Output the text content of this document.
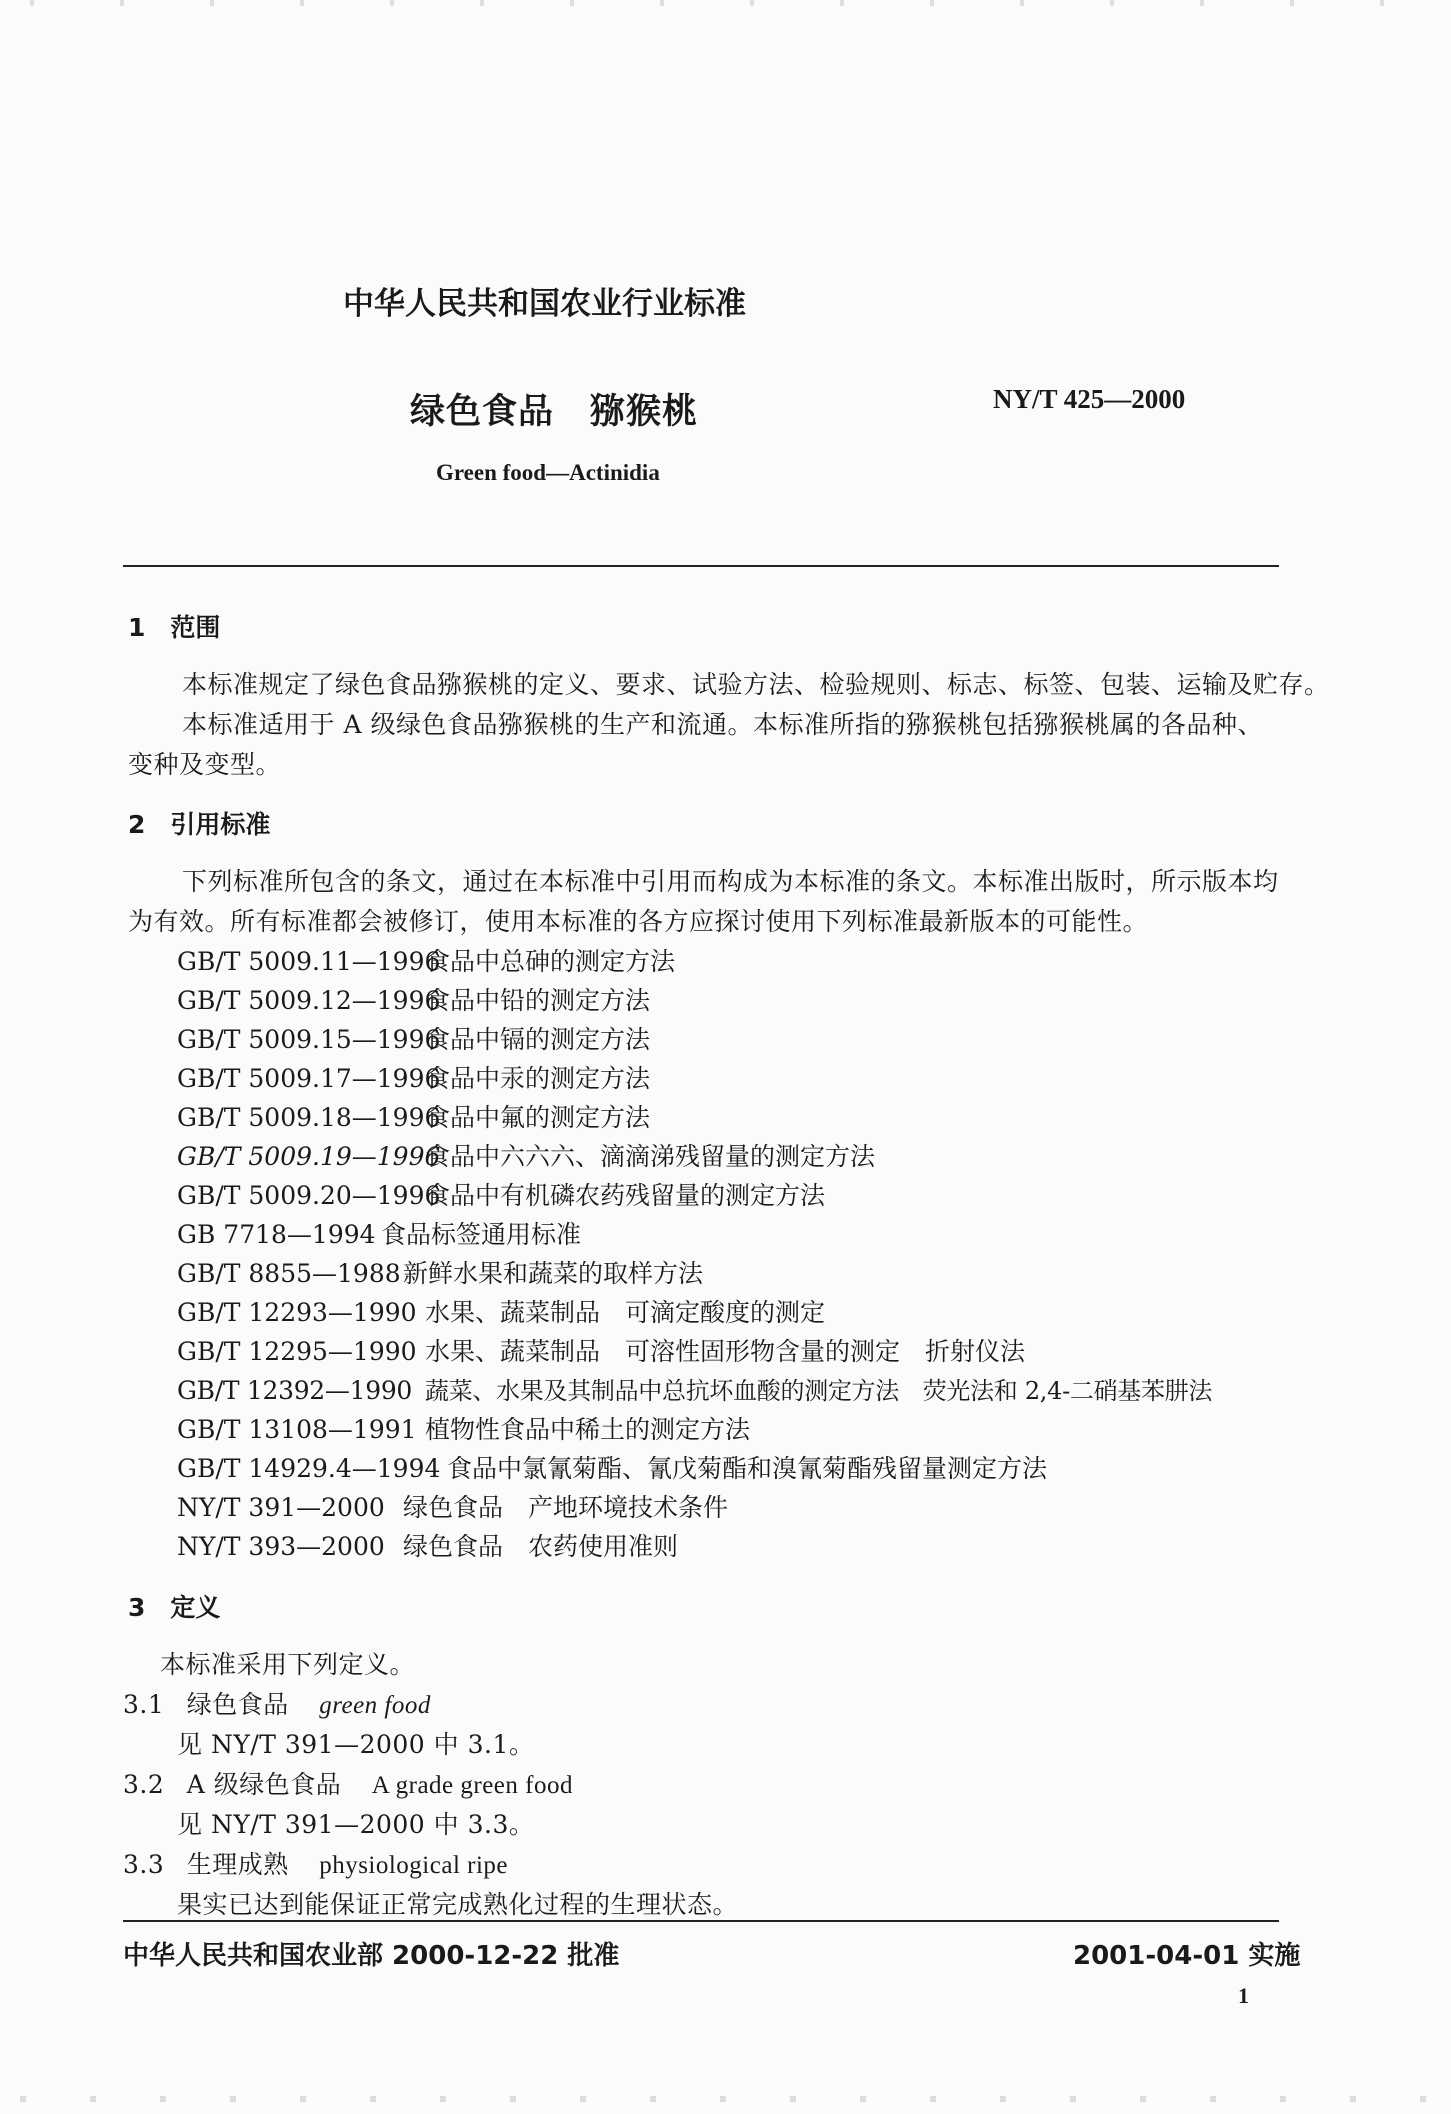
中华人民共和国农业行业标准
绿色食品　猕猴桃	NY/T 425—2000
Green food—Actinidia
1　范围
本标准规定了绿色食品猕猴桃的定义、要求、试验方法、检验规则、标志、标签、包装、运输及贮存。
本标准适用于 A 级绿色食品猕猴桃的生产和流通。本标准所指的猕猴桃包括猕猴桃属的各品种、
变种及变型。
2　引用标准
下列标准所包含的条文，通过在本标准中引用而构成为本标准的条文。本标准出版时，所示版本均
为有效。所有标准都会被修订，使用本标准的各方应探讨使用下列标准最新版本的可能性。
GB/T 5009.11—1996食品中总砷的测定方法
GB/T 5009.12—1996食品中铅的测定方法
GB/T 5009.15—1996食品中镉的测定方法
GB/T 5009.17—1996食品中汞的测定方法
GB/T 5009.18—1996食品中氟的测定方法
GB/T 5009.19—1996食品中六六六、滴滴涕残留量的测定方法
GB/T 5009.20—1996食品中有机磷农药残留量的测定方法
GB 7718—1994 食品标签通用标准
GB/T 8855—1988新鲜水果和蔬菜的取样方法
GB/T 12293—1990 水果、蔬菜制品　可滴定酸度的测定
GB/T 12295—1990 水果、蔬菜制品　可溶性固形物含量的测定　折射仪法
GB/T 12392—1990 蔬菜、水果及其制品中总抗坏血酸的测定方法　荧光法和 2,4-二硝基苯肼法
GB/T 13108—1991 植物性食品中稀土的测定方法
GB/T 14929.4—1994 食品中氯氰菊酯、氰戊菊酯和溴氰菊酯残留量测定方法
NY/T 391—2000 绿色食品　产地环境技术条件
NY/T 393—2000 绿色食品　农药使用准则
3　定义
本标准采用下列定义。
3.1 绿色食品 green food
见 NY/T 391—2000 中 3.1。
3.2 A 级绿色食品 A grade green food
见 NY/T 391—2000 中 3.3。
3.3 生理成熟 physiological ripe
果实已达到能保证正常完成熟化过程的生理状态。
中华人民共和国农业部 2000-12-22 批准	2001-04-01 实施
1
